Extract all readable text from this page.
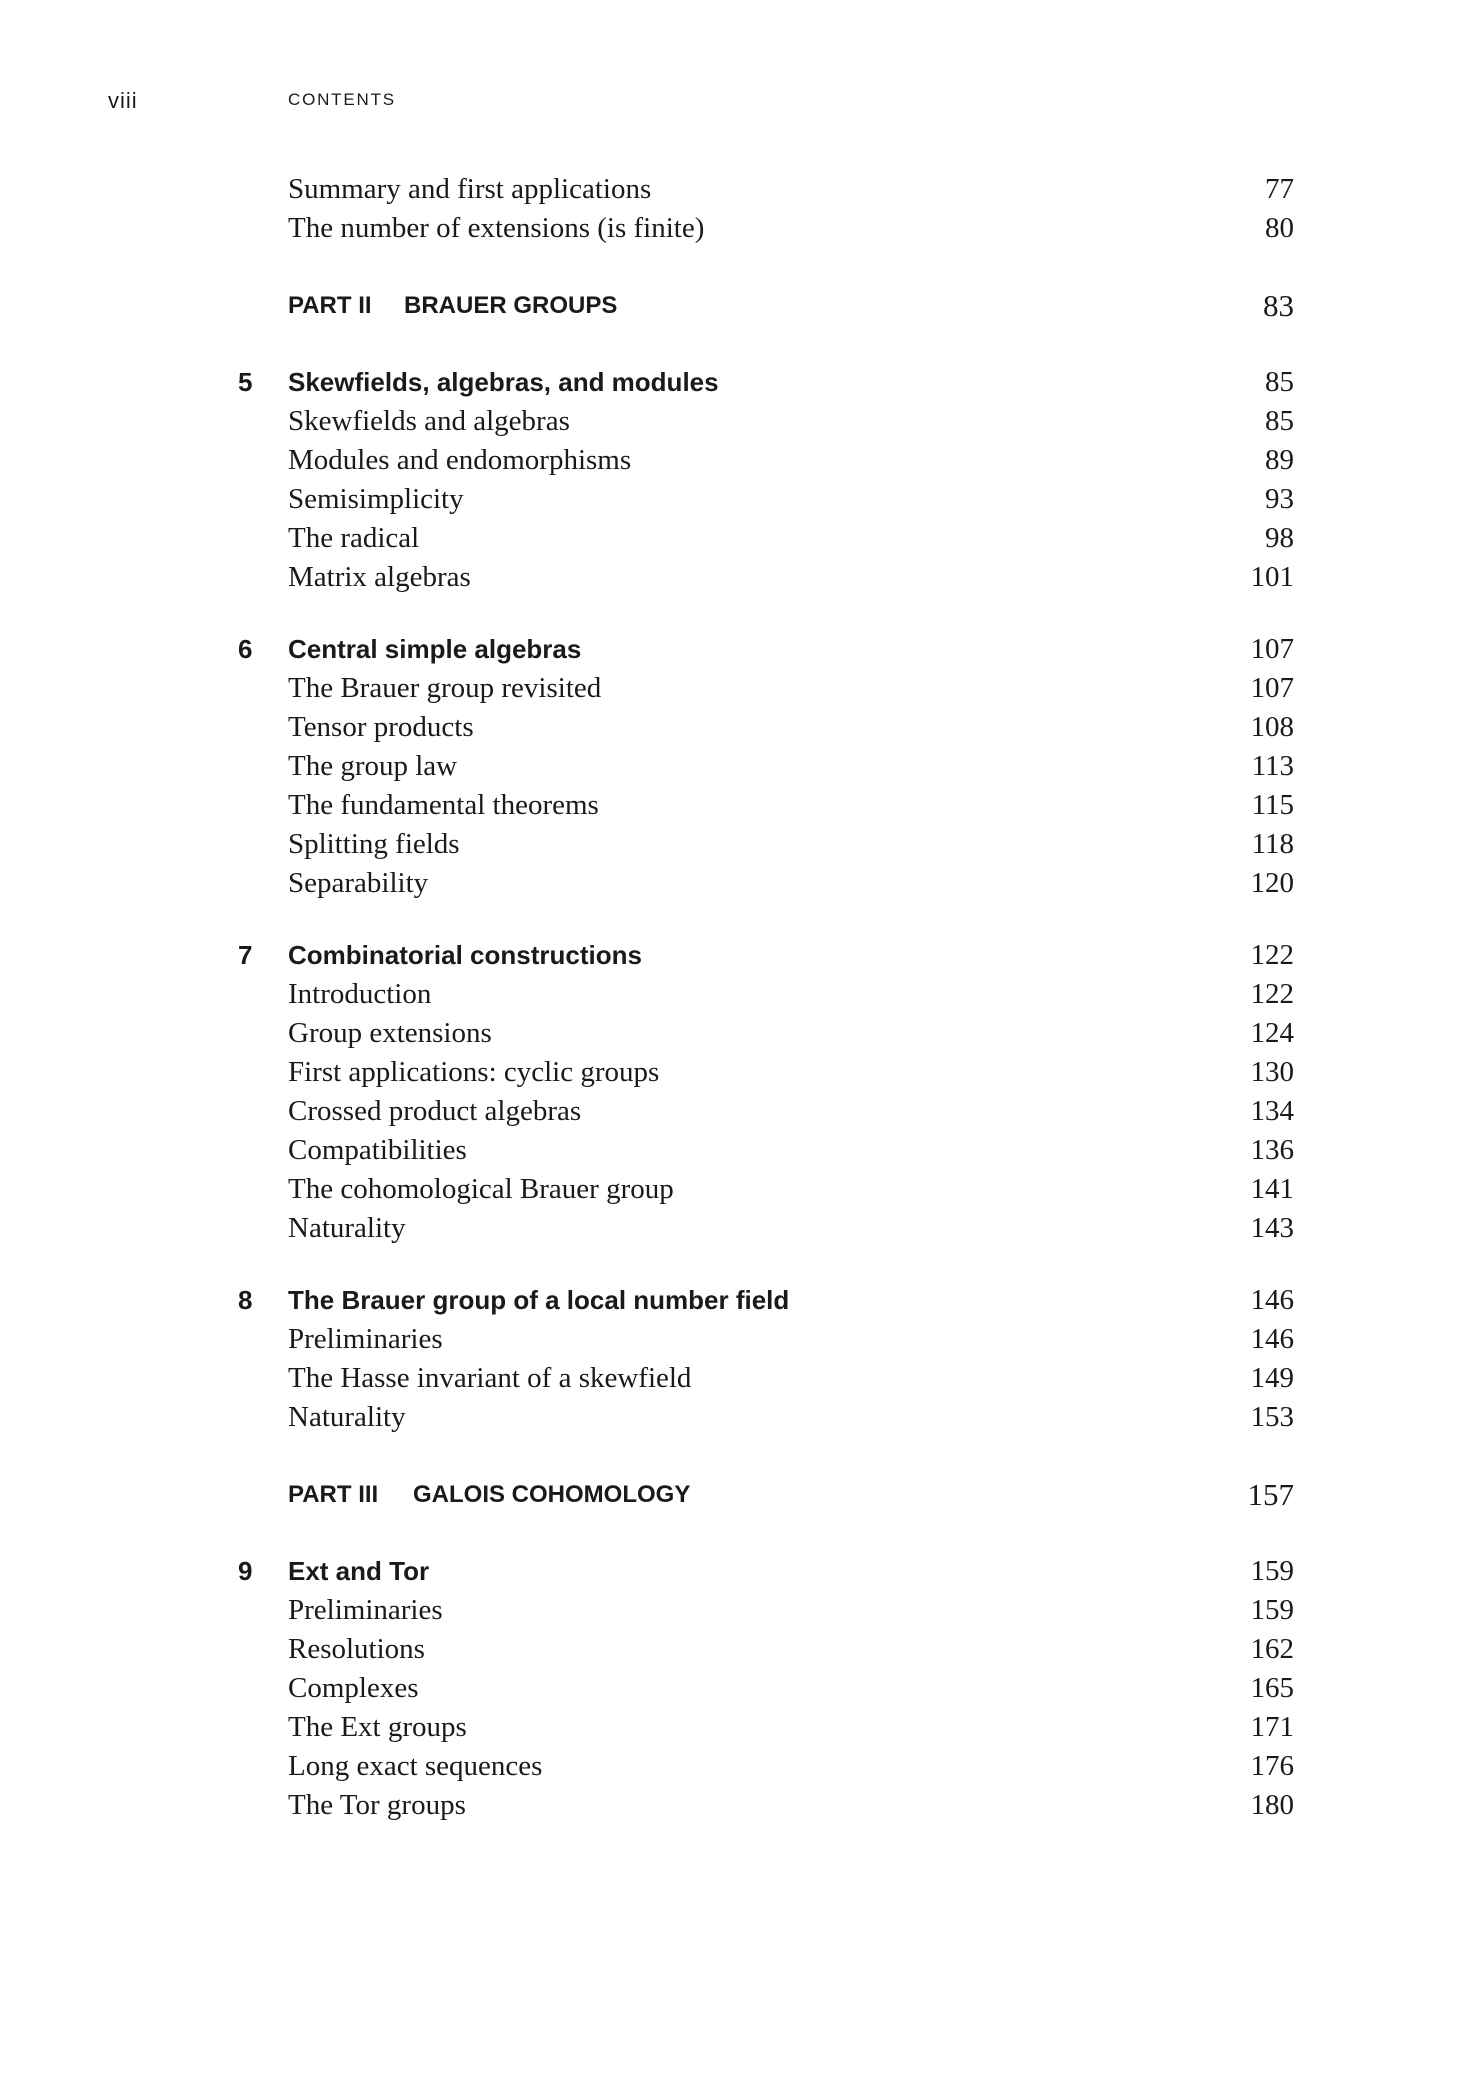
viii	CONTENTS
Summary and first applications	77
The number of extensions (is finite)	80
PART II BRAUER GROUPS	83
5 Skewfields, algebras, and modules	85
Skewfields and algebras	85
Modules and endomorphisms	89
Semisimplicity	93
The radical	98
Matrix algebras	101
6 Central simple algebras	107
The Brauer group revisited	107
Tensor products	108
The group law	113
The fundamental theorems	115
Splitting fields	118
Separability	120
7 Combinatorial constructions	122
Introduction	122
Group extensions	124
First applications: cyclic groups	130
Crossed product algebras	134
Compatibilities	136
The cohomological Brauer group	141
Naturality	143
8 The Brauer group of a local number field	146
Preliminaries	146
The Hasse invariant of a skewfield	149
Naturality	153
PART III GALOIS COHOMOLOGY	157
9 Ext and Tor	159
Preliminaries	159
Resolutions	162
Complexes	165
The Ext groups	171
Long exact sequences	176
The Tor groups	180
